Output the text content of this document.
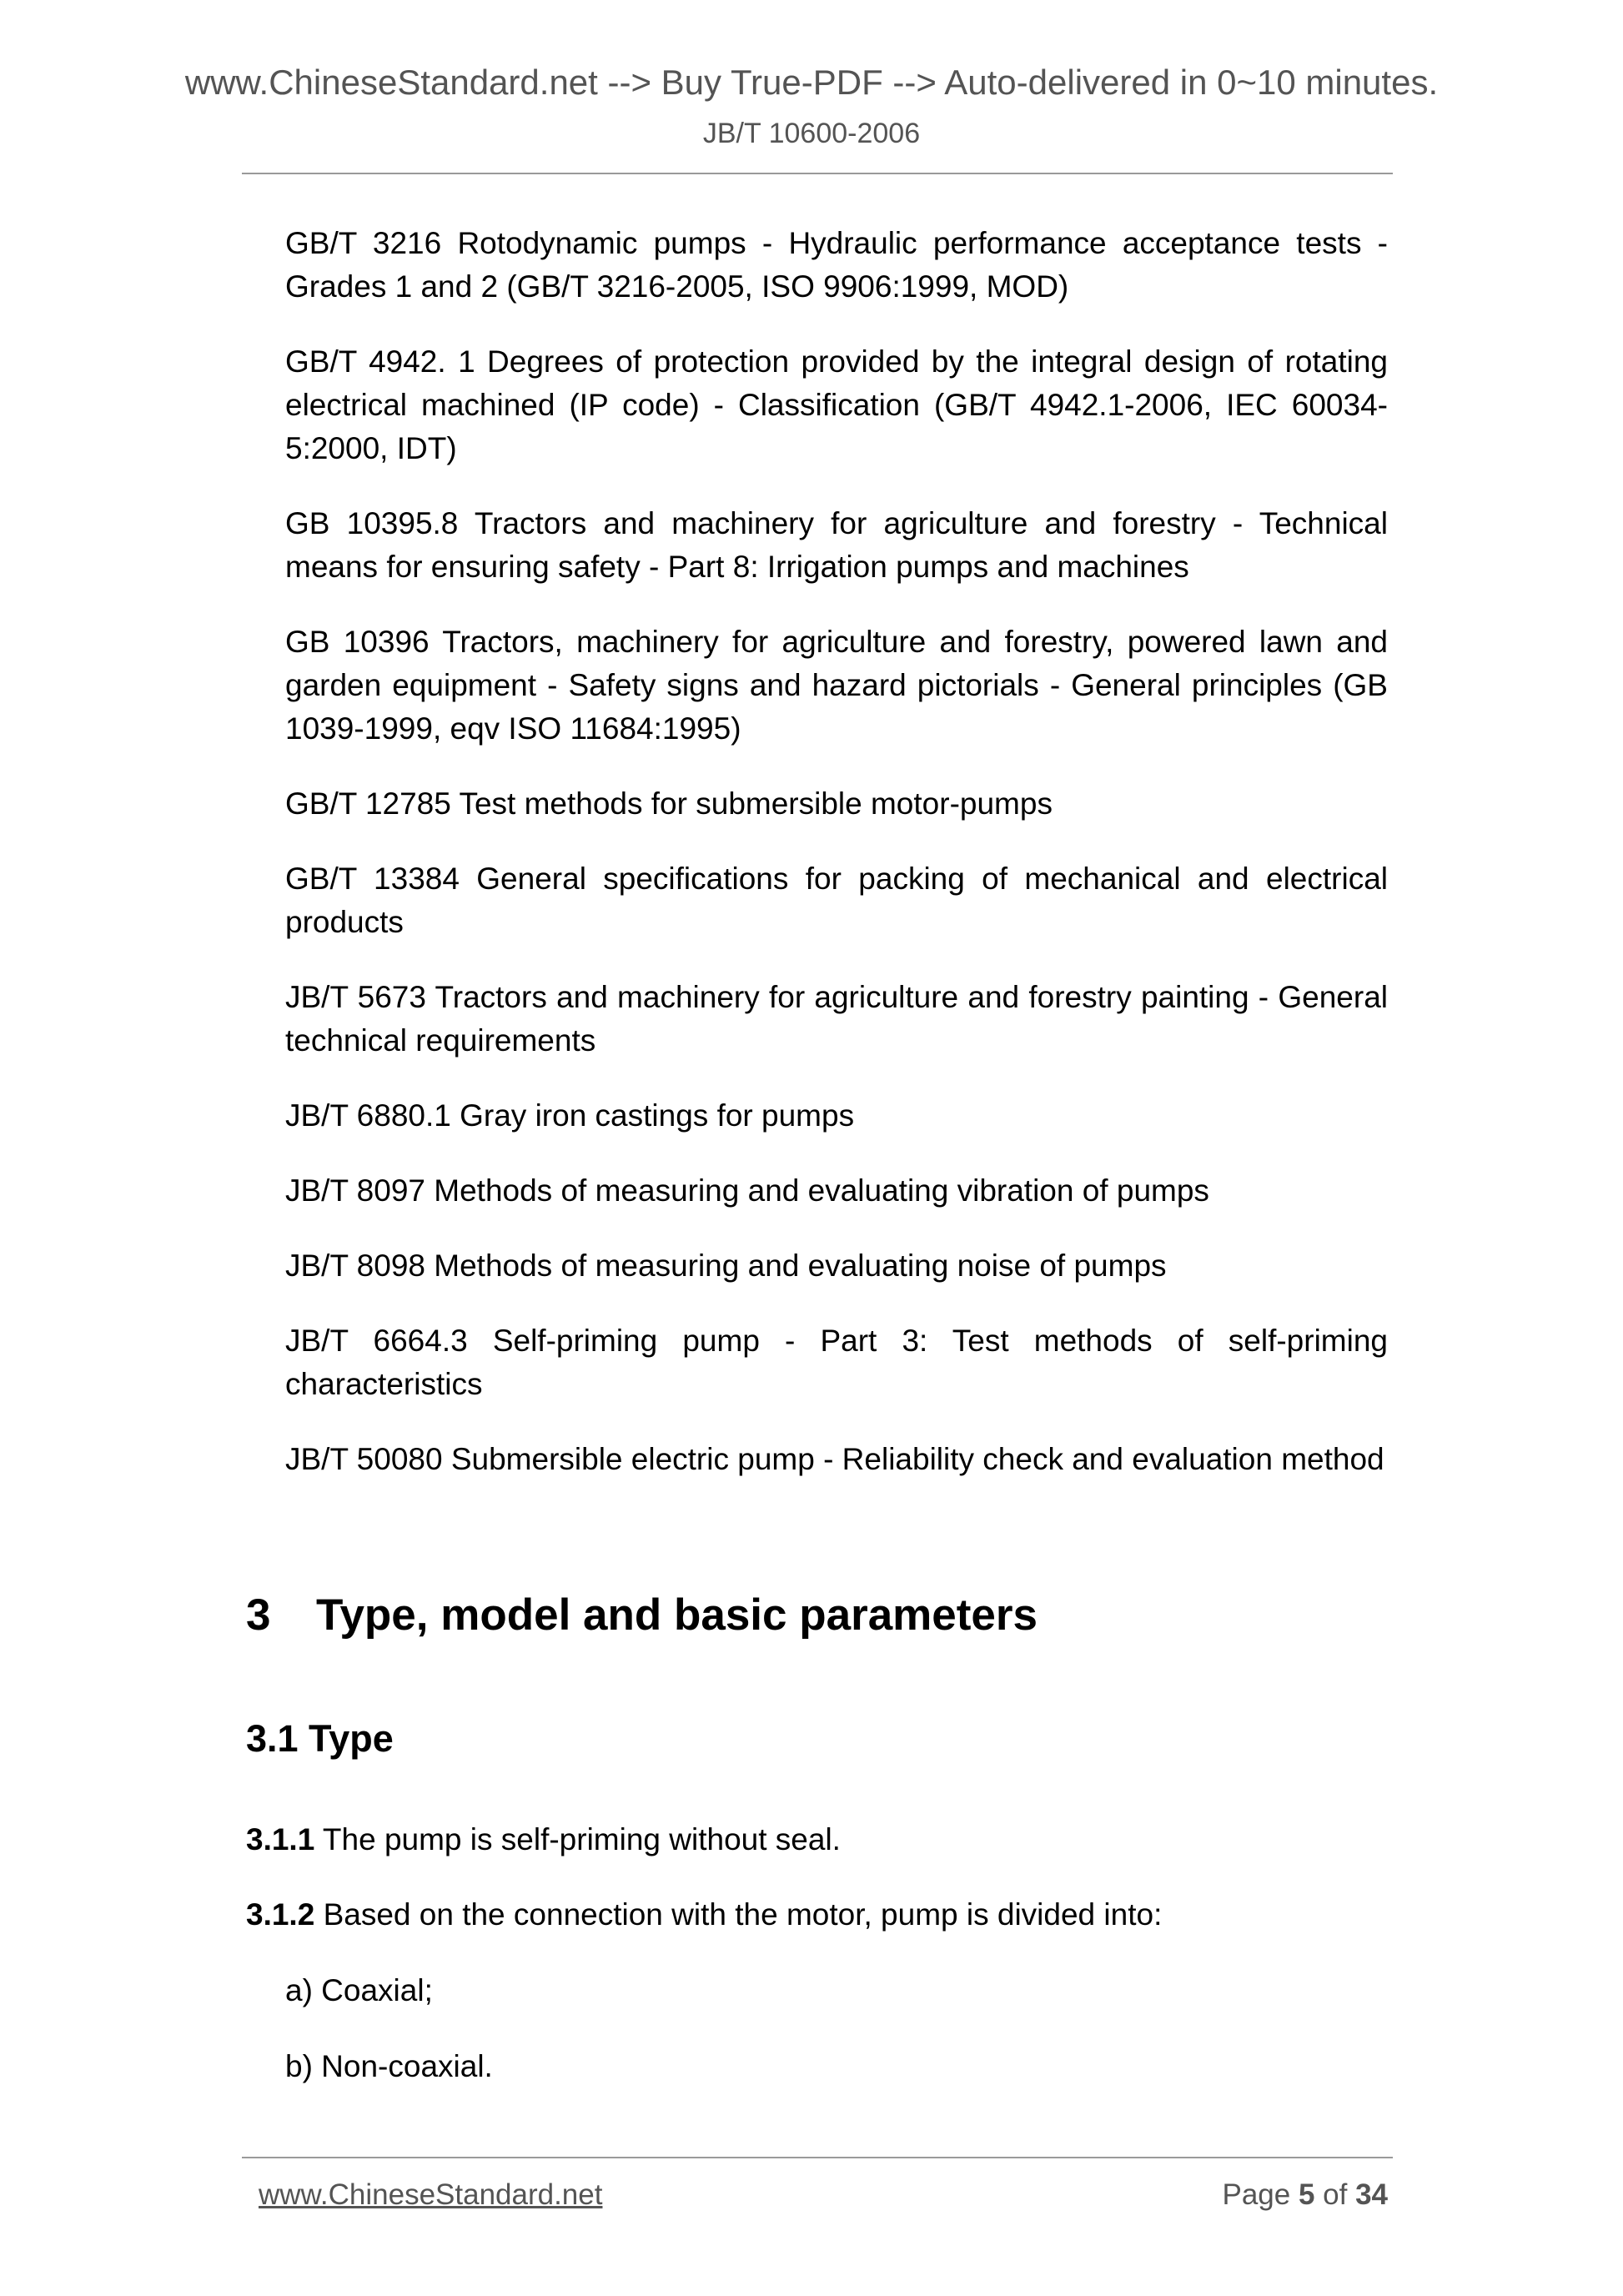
www.ChineseStandard.net --> Buy True-PDF --> Auto-delivered in 0~10 minutes.
JB/T 10600-2006

GB/T 3216 Rotodynamic pumps - Hydraulic performance acceptance tests - Grades 1 and 2 (GB/T 3216-2005, ISO 9906:1999, MOD)

GB/T 4942. 1 Degrees of protection provided by the integral design of rotating electrical machined (IP code) - Classification (GB/T 4942.1-2006, IEC 60034-5:2000, IDT)

GB 10395.8 Tractors and machinery for agriculture and forestry - Technical means for ensuring safety - Part 8: Irrigation pumps and machines

GB 10396 Tractors, machinery for agriculture and forestry, powered lawn and garden equipment - Safety signs and hazard pictorials - General principles (GB 1039-1999, eqv ISO 11684:1995)

GB/T 12785 Test methods for submersible motor-pumps

GB/T 13384 General specifications for packing of mechanical and electrical products

JB/T 5673 Tractors and machinery for agriculture and forestry painting - General technical requirements

JB/T 6880.1 Gray iron castings for pumps

JB/T 8097 Methods of measuring and evaluating vibration of pumps

JB/T 8098 Methods of measuring and evaluating noise of pumps

JB/T 6664.3 Self-priming pump - Part 3: Test methods of self-priming characteristics

JB/T 50080 Submersible electric pump - Reliability check and evaluation method

3 Type, model and basic parameters
3.1 Type
3.1.1 The pump is self-priming without seal.
3.1.2 Based on the connection with the motor, pump is divided into:
a) Coaxial;
b) Non-coaxial.
www.ChineseStandard.net	Page 5 of 34
